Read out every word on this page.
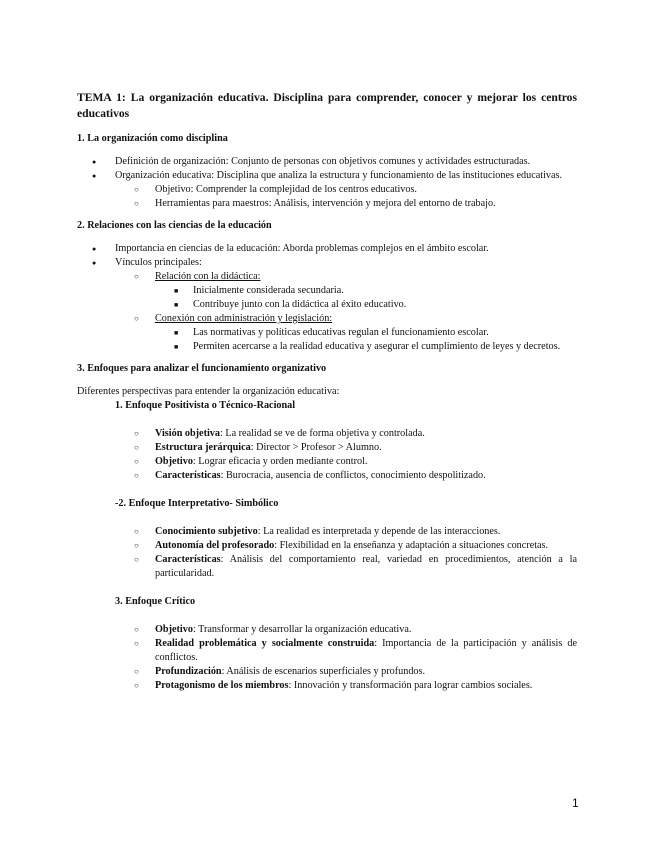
TEMA 1: La organización educativa. Disciplina para comprender, conocer y mejorar los centros educativos
1. La organización como disciplina
● Definición de organización: Conjunto de personas con objetivos comunes y actividades estructuradas.
● Organización educativa: Disciplina que analiza la estructura y funcionamiento de las instituciones educativas.
○ Objetivo: Comprender la complejidad de los centros educativos.
○ Herramientas para maestros: Análisis, intervención y mejora del entorno de trabajo.
2. Relaciones con las ciencias de la educación
● Importancia en ciencias de la educación: Aborda problemas complejos en el ámbito escolar.
● Vínculos principales:
○ Relación con la didáctica:
■ Inicialmente considerada secundaria.
■ Contribuye junto con la didáctica al éxito educativo.
○ Conexión con administración y legislación:
■ Las normativas y políticas educativas regulan el funcionamiento escolar.
■ Permiten acercarse a la realidad educativa y asegurar el cumplimiento de leyes y decretos.
3. Enfoques para analizar el funcionamiento organizativo
Diferentes perspectivas para entender la organización educativa:
1. Enfoque Positivista o Técnico-Racional
○ Visión objetiva: La realidad se ve de forma objetiva y controlada.
○ Estructura jerárquica: Director > Profesor > Alumno.
○ Objetivo: Lograr eficacia y orden mediante control.
○ Características: Burocracia, ausencia de conflictos, conocimiento despolitizado.
-2. Enfoque Interpretativo- Simbólico
○ Conocimiento subjetivo: La realidad es interpretada y depende de las interacciones.
○ Autonomía del profesorado: Flexibilidad en la enseñanza y adaptación a situaciones concretas.
○ Características: Análisis del comportamiento real, variedad en procedimientos, atención a la particularidad.
3. Enfoque Crítico
○ Objetivo: Transformar y desarrollar la organización educativa.
○ Realidad problemática y socialmente construida: Importancia de la participación y análisis de conflictos.
○ Profundización: Análisis de escenarios superficiales y profundos.
○ Protagonismo de los miembros: Innovación y transformación para lograr cambios sociales.
1
